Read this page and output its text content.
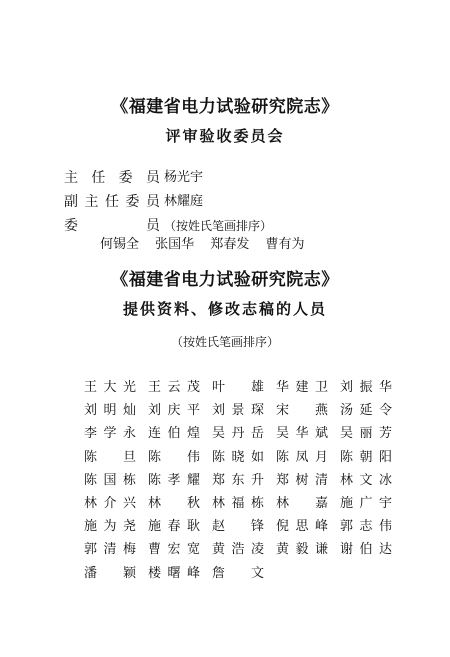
《福建省电力试验研究院志》
评审验收委员会
主任委员 杨光宇
副主任委员 林耀庭
委　　员 （按姓氏笔画排序）
何锡全 张国华 郑春发 曹有为
《福建省电力试验研究院志》
提供资料、修改志稿的人员
（按姓氏笔画排序）
王大光 王云茂 叶　雄 华建卫 刘振华
刘明灿 刘庆平 刘景琛 宋　燕 汤延令
李学永 连伯煌 吴丹岳 吴华斌 吴丽芳
陈　旦 陈　伟 陈晓如 陈凤月 陈朝阳
陈国栋 陈孝耀 郑东升 郑树清 林文冰
林介兴 林　秋 林福栋 林　嘉 施广宇
施为尧 施春耿 赵　锋 倪思峰 郭志伟
郭清梅 曹宏宽 黄浩凌 黄毅谦 谢伯达
潘　颖 楼曙峰 詹　文
